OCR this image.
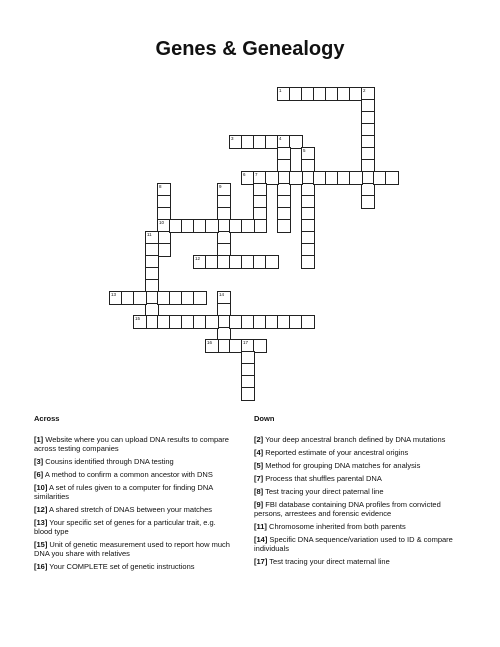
Genes & Genealogy
1	2
3	4
5
6 7
8
10
9
11
12
13	14
15
16	17
Across
[1] Website where you can upload DNA results to compare across testing companies
[3] Cousins identified through DNA testing
[6] A method to confirm a common ancestor with DNS
[10] A set of rules given to a computer for finding DNA similarities
[12] A shared stretch of DNAS between your matches
[13] Your specific set of genes for a particular trait, e.g. blood type
[15] Unit of genetic measurement used to report how much DNA you share with relatives
[16] Your COMPLETE set of genetic instructions
Down
[2] Your deep ancestral branch defined by DNA mutations
[4] Reported estimate of your ancestral origins
[5] Method for grouping DNA matches for analysis
[7] Process that shuffles parental DNA
[8] Test tracing your direct paternal line
[9] FBI database containing DNA profiles from convicted persons, arrestees and forensic evidence
[11] Chromosome inherited from both parents
[14] Specific DNA sequence/variation used to ID & compare individuals
[17] Test tracing your direct maternal line
